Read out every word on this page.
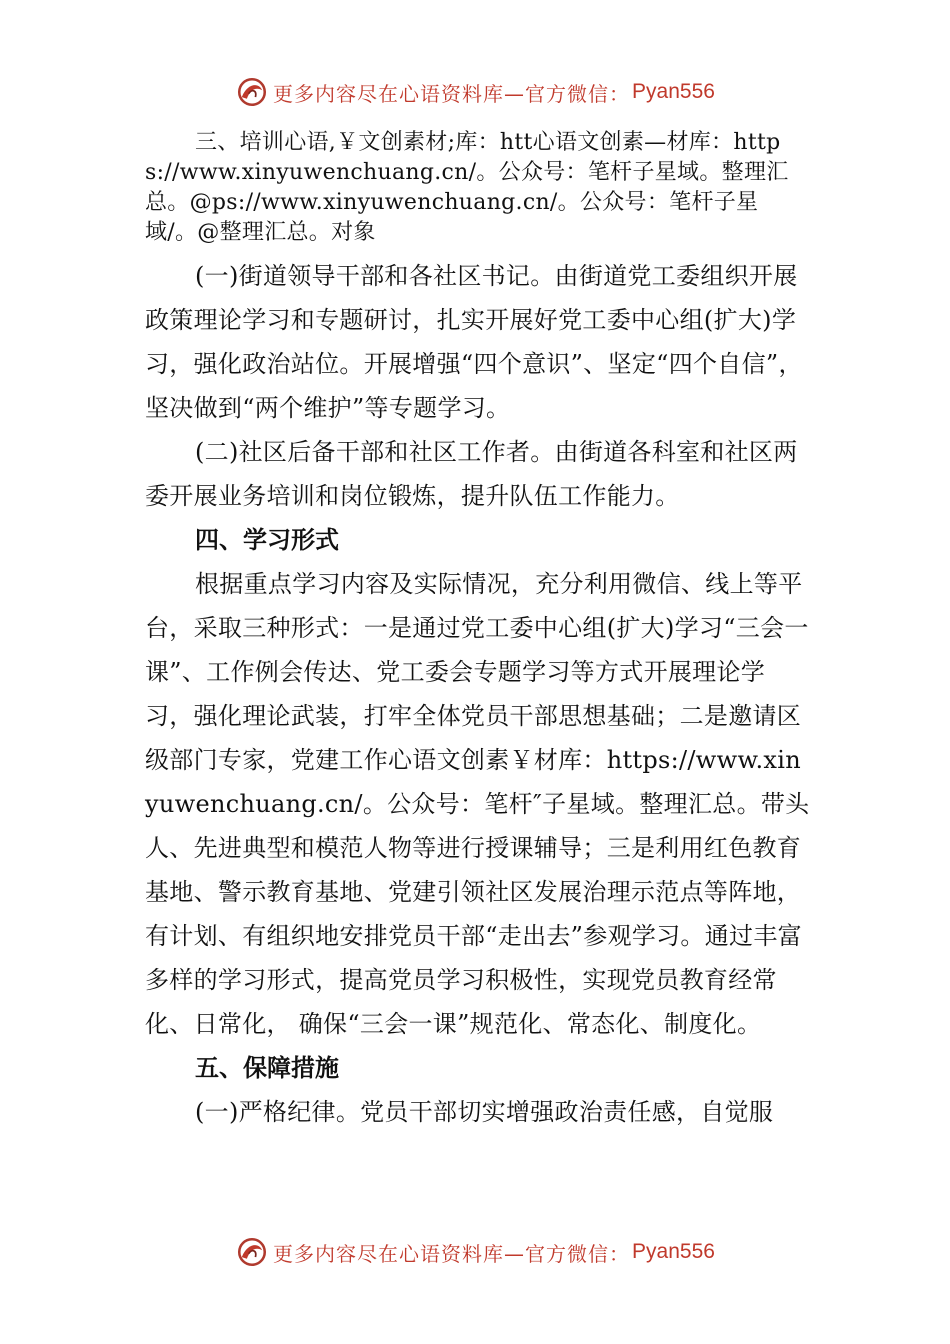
更多内容尽在心语资料库—官方微信： Pyan556

三、培训心语,￥文创素材;库：htt心语文创素—材库：https://www.xinyuwenchuang.cn/。公众号：笔杆子星域。整理汇总。@ps://www.xinyuwenchuang.cn/。公众号：笔杆子星域/。@整理汇总。对象

(一)街道领导干部和各社区书记。由街道党工委组织开展政策理论学习和专题研讨，扎实开展好党工委中心组(扩大)学习，强化政治站位。开展增强“四个意识”、坚定“四个自信”，坚决做到“两个维护”等专题学习。

(二)社区后备干部和社区工作者。由街道各科室和社区两委开展业务培训和岗位锻炼，提升队伍工作能力。

四、学习形式

根据重点学习内容及实际情况，充分利用微信、线上等平台，采取三种形式：一是通过党工委中心组(扩大)学习“三会一课”、工作例会传达、党工委会专题学习等方式开展理论学习，强化理论武装，打牢全体党员干部思想基础；二是邀请区级部门专家，党建工作心语文创素￥材库：https://www.xinyuwenchuang.cn/。公众号：笔杆″子星域。整理汇总。带头人、先进典型和模范人物等进行授课辅导；三是利用红色教育基地、警示教育基地、党建引领社区发展治理示范点等阵地，有计划、有组织地安排党员干部“走出去”参观学习。通过丰富多样的学习形式，提高党员学习积极性，实现党员教育经常化、日常化， 确保“三会一课”规范化、常态化、制度化。

五、保障措施

(一)严格纪律。党员干部切实增强政治责任感，自觉服

更多内容尽在心语资料库—官方微信： Pyan556
